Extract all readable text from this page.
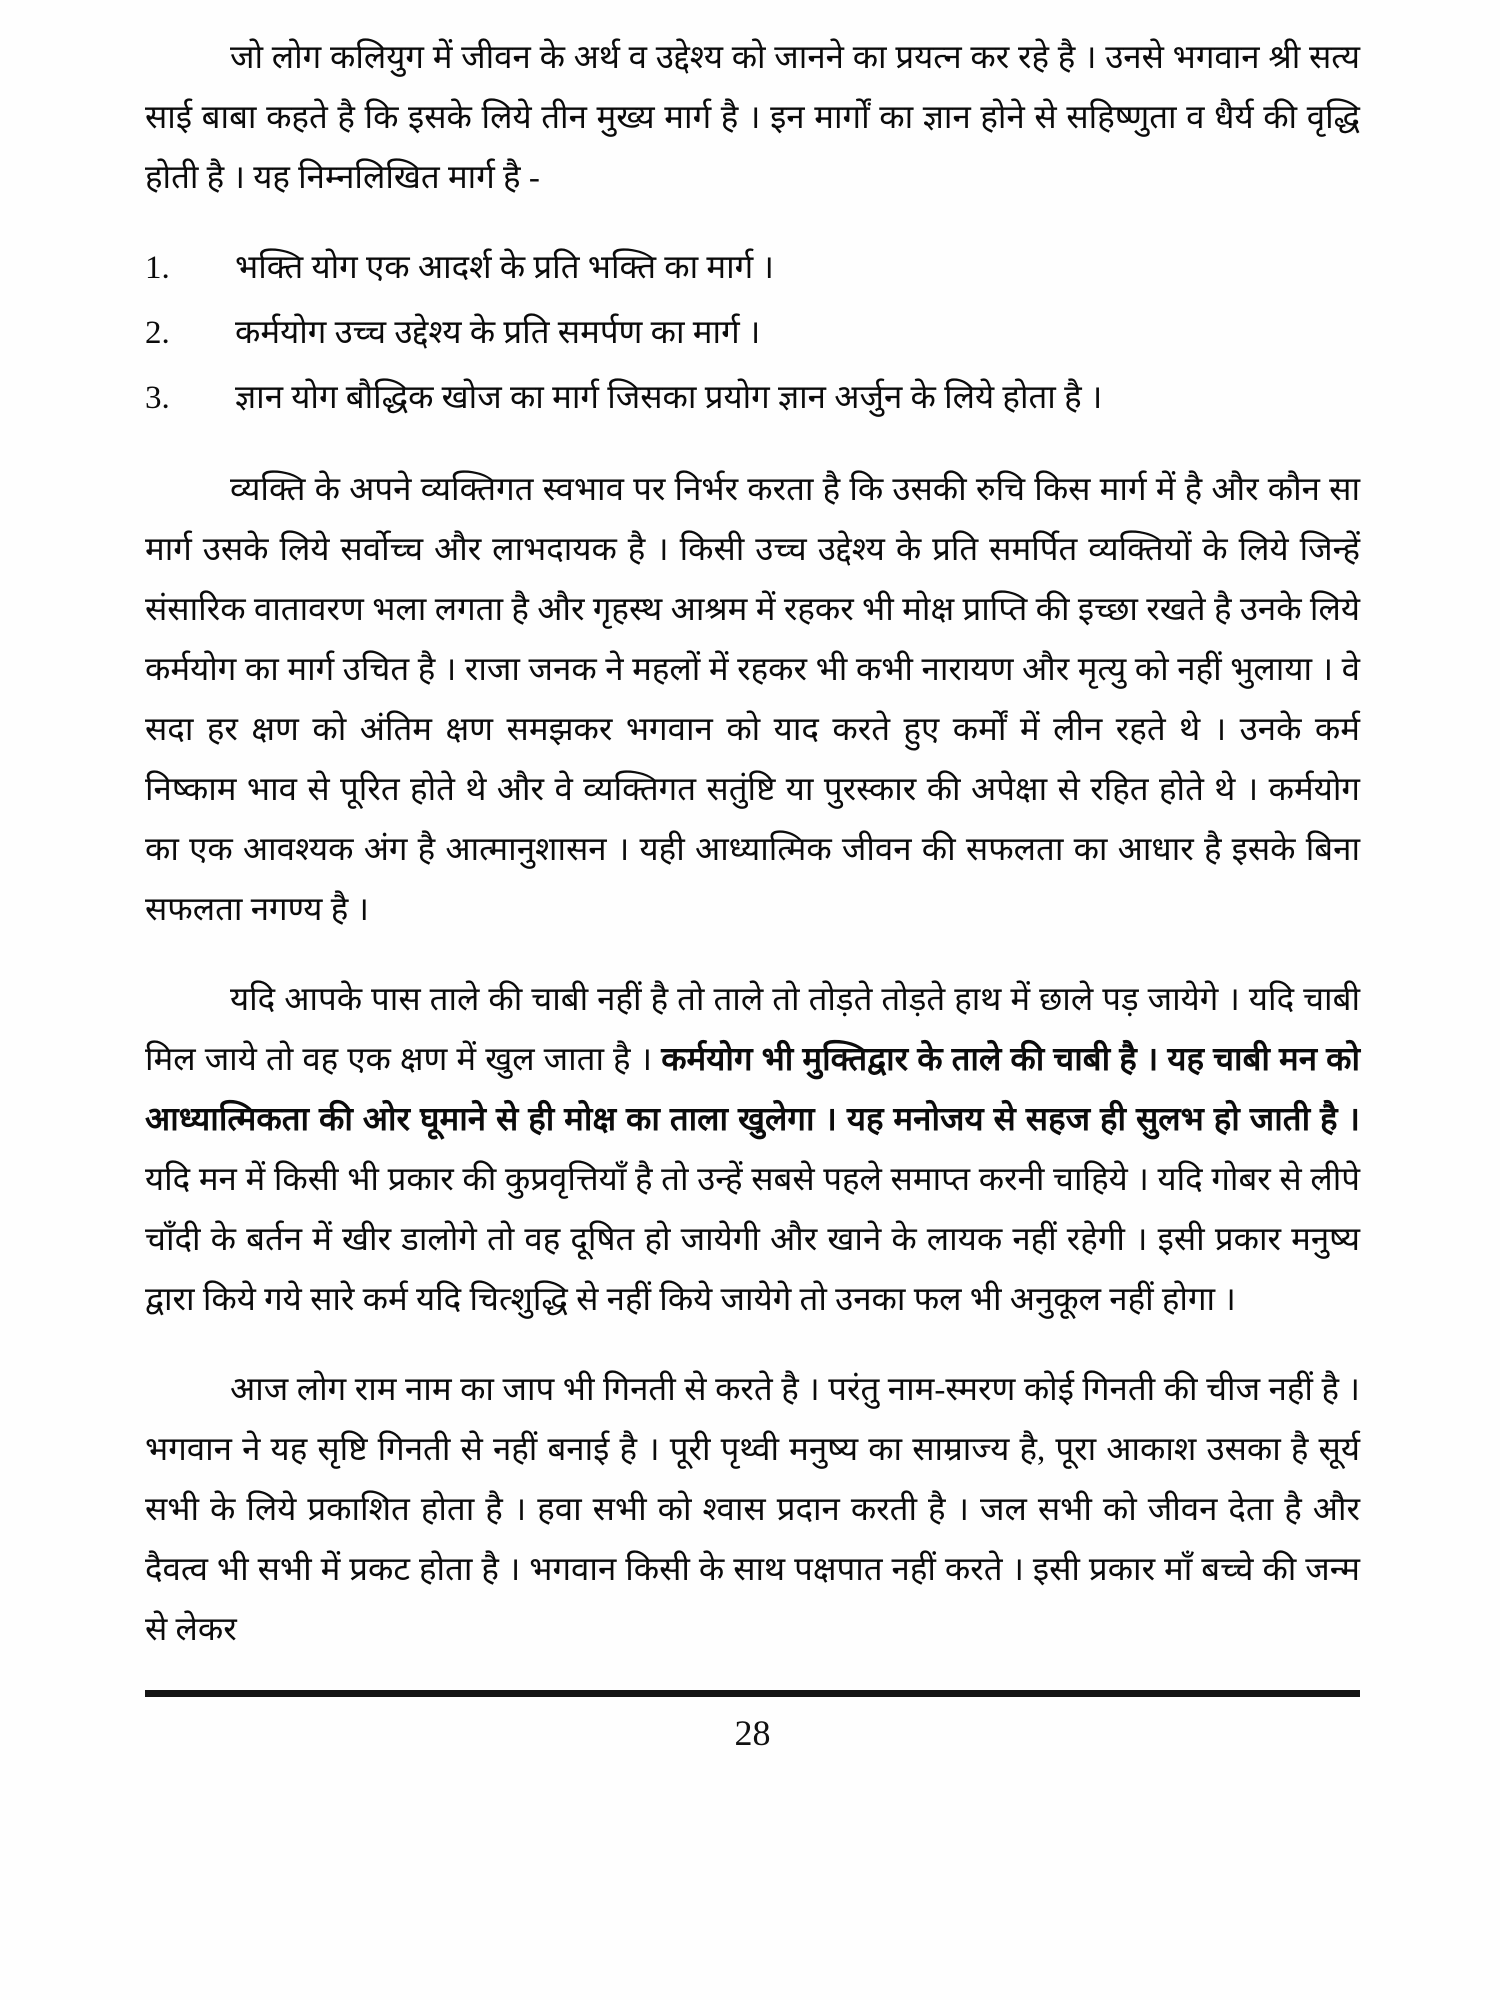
जो लोग कलियुग में जीवन के अर्थ व उद्देश्य को जानने का प्रयत्न कर रहे है । उनसे भगवान श्री सत्य साई बाबा कहते है कि इसके लिये तीन मुख्य मार्ग है । इन मार्गों का ज्ञान होने से सहिष्णुता व धैर्य की वृद्धि होती है । यह निम्नलिखित मार्ग है -

1.	भक्ति योग एक आदर्श के प्रति भक्ति का मार्ग ।
2.	कर्मयोग उच्च उद्देश्य के प्रति समर्पण का मार्ग ।
3.	ज्ञान योग बौद्धिक खोज का मार्ग जिसका प्रयोग ज्ञान अर्जुन के लिये होता है ।

व्यक्ति के अपने व्यक्तिगत स्वभाव पर निर्भर करता है कि उसकी रुचि किस मार्ग में है और कौन सा मार्ग उसके लिये सर्वोच्च और लाभदायक है । किसी उच्च उद्देश्य के प्रति समर्पित व्यक्तियों के लिये जिन्हें संसारिक वातावरण भला लगता है और गृहस्थ आश्रम में रहकर भी मोक्ष प्राप्ति की इच्छा रखते है उनके लिये कर्मयोग का मार्ग उचित है । राजा जनक ने महलों में रहकर भी कभी नारायण और मृत्यु को नहीं भुलाया । वे सदा हर क्षण को अंतिम क्षण समझकर भगवान को याद करते हुए कर्मों में लीन रहते थे । उनके कर्म निष्काम भाव से पूरित होते थे और वे व्यक्तिगत सतुंष्टि या पुरस्कार की अपेक्षा से रहित होते थे । कर्मयोग का एक आवश्यक अंग है आत्मानुशासन । यही आध्यात्मिक जीवन की सफलता का आधार है इसके बिना सफलता नगण्य है ।

यदि आपके पास ताले की चाबी नहीं है तो ताले तो तोड़ते तोड़ते हाथ में छाले पड़ जायेगे । यदि चाबी मिल जाये तो वह एक क्षण में खुल जाता है । कर्मयोग भी मुक्तिद्वार के ताले की चाबी है । यह चाबी मन को आध्यात्मिकता की ओर घूमाने से ही मोक्ष का ताला खुलेगा । यह मनोजय से सहज ही सुलभ हो जाती है । यदि मन में किसी भी प्रकार की कुप्रवृत्तियाँ है तो उन्हें सबसे पहले समाप्त करनी चाहिये । यदि गोबर से लीपे चाँदी के बर्तन में खीर डालोगे तो वह दूषित हो जायेगी और खाने के लायक नहीं रहेगी । इसी प्रकार मनुष्य द्वारा किये गये सारे कर्म यदि चित्शुद्धि से नहीं किये जायेगे तो उनका फल भी अनुकूल नहीं होगा ।

आज लोग राम नाम का जाप भी गिनती से करते है । परंतु नाम-स्मरण कोई गिनती की चीज नहीं है । भगवान ने यह सृष्टि गिनती से नहीं बनाई है । पूरी पृथ्वी मनुष्य का साम्राज्य है, पूरा आकाश उसका है सूर्य सभी के लिये प्रकाशित होता है । हवा सभी को श्वास प्रदान करती है । जल सभी को जीवन देता है और दैवत्व भी सभी में प्रकट होता है । भगवान किसी के साथ पक्षपात नहीं करते । इसी प्रकार माँ बच्चे की जन्म से लेकर

28
